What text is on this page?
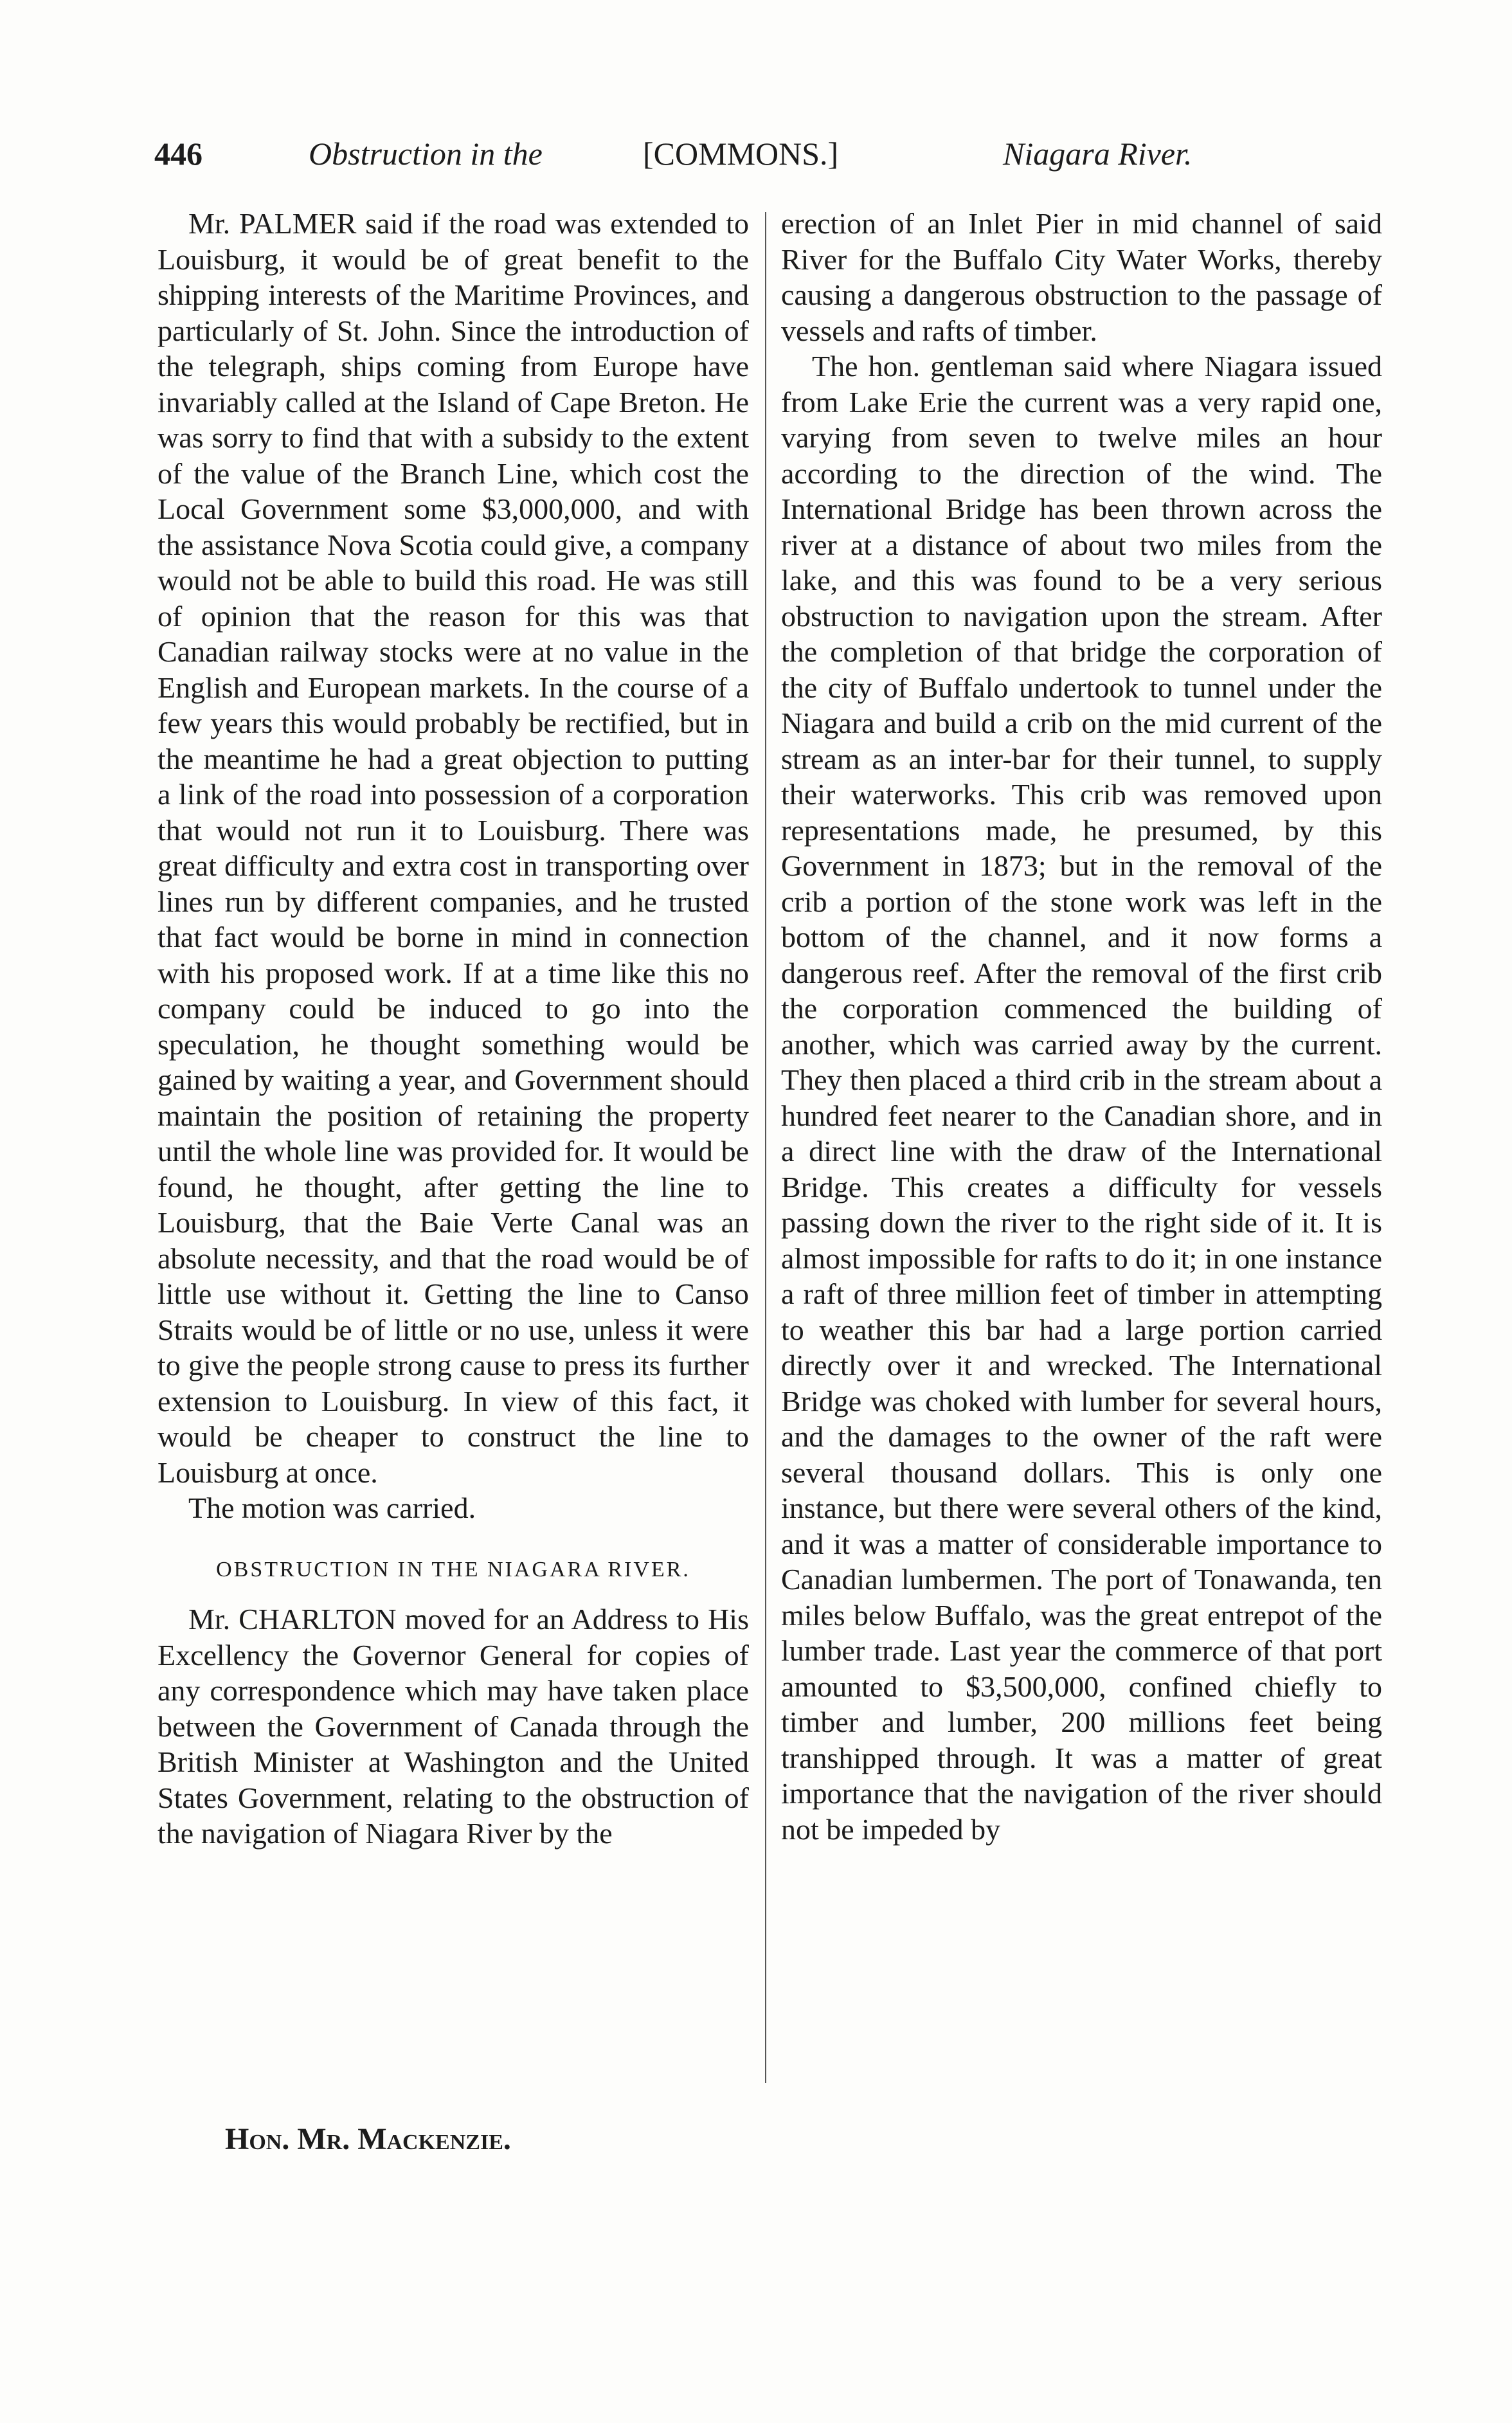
446	Obstruction in the	[COMMONS.]	Niagara River.

Mr. PALMER said if the road was extended to Louisburg, it would be of great benefit to the shipping interests of the Maritime Provinces, and particularly of St. John. Since the introduction of the telegraph, ships coming from Europe have invariably called at the Island of Cape Breton. He was sorry to find that with a subsidy to the extent of the value of the Branch Line, which cost the Local Government some $3,000,000, and with the assistance Nova Scotia could give, a company would not be able to build this road. He was still of opinion that the reason for this was that Canadian railway stocks were at no value in the English and European markets. In the course of a few years this would probably be rectified, but in the meantime he had a great objection to putting a link of the road into possession of a corporation that would not run it to Louisburg. There was great difficulty and extra cost in transporting over lines run by different companies, and he trusted that fact would be borne in mind in connection with his proposed work. If at a time like this no company could be induced to go into the speculation, he thought something would be gained by waiting a year, and Government should maintain the position of retaining the property until the whole line was provided for. It would be found, he thought, after getting the line to Louisburg, that the Baie Verte Canal was an absolute necessity, and that the road would be of little use without it. Getting the line to Canso Straits would be of little or no use, unless it were to give the people strong cause to press its further extension to Louisburg. In view of this fact, it would be cheaper to construct the line to Louisburg at once.

The motion was carried.

OBSTRUCTION IN THE NIAGARA RIVER.

Mr. CHARLTON moved for an Address to His Excellency the Governor General for copies of any correspondence which may have taken place between the Government of Canada through the British Minister at Washington and the United States Government, relating to the obstruction of the navigation of Niagara River by the

erection of an Inlet Pier in mid channel of said River for the Buffalo City Water Works, thereby causing a dangerous obstruction to the passage of vessels and rafts of timber.

The hon. gentleman said where Niagara issued from Lake Erie the current was a very rapid one, varying from seven to twelve miles an hour according to the direction of the wind. The International Bridge has been thrown across the river at a distance of about two miles from the lake, and this was found to be a very serious obstruction to navigation upon the stream. After the completion of that bridge the corporation of the city of Buffalo undertook to tunnel under the Niagara and build a crib on the mid current of the stream as an inter-bar for their tunnel, to supply their waterworks. This crib was removed upon representations made, he presumed, by this Government in 1873; but in the removal of the crib a portion of the stone work was left in the bottom of the channel, and it now forms a dangerous reef. After the removal of the first crib the corporation commenced the building of another, which was carried away by the current. They then placed a third crib in the stream about a hundred feet nearer to the Canadian shore, and in a direct line with the draw of the International Bridge. This creates a difficulty for vessels passing down the river to the right side of it. It is almost impossible for rafts to do it; in one instance a raft of three million feet of timber in attempting to weather this bar had a large portion carried directly over it and wrecked. The International Bridge was choked with lumber for several hours, and the damages to the owner of the raft were several thousand dollars. This is only one instance, but there were several others of the kind, and it was a matter of considerable importance to Canadian lumbermen. The port of Tonawanda, ten miles below Buffalo, was the great entrepot of the lumber trade. Last year the commerce of that port amounted to $3,500,000, confined chiefly to timber and lumber, 200 millions feet being transhipped through. It was a matter of great importance that the navigation of the river should not be impeded by

Hon. Mr. Mackenzie.
